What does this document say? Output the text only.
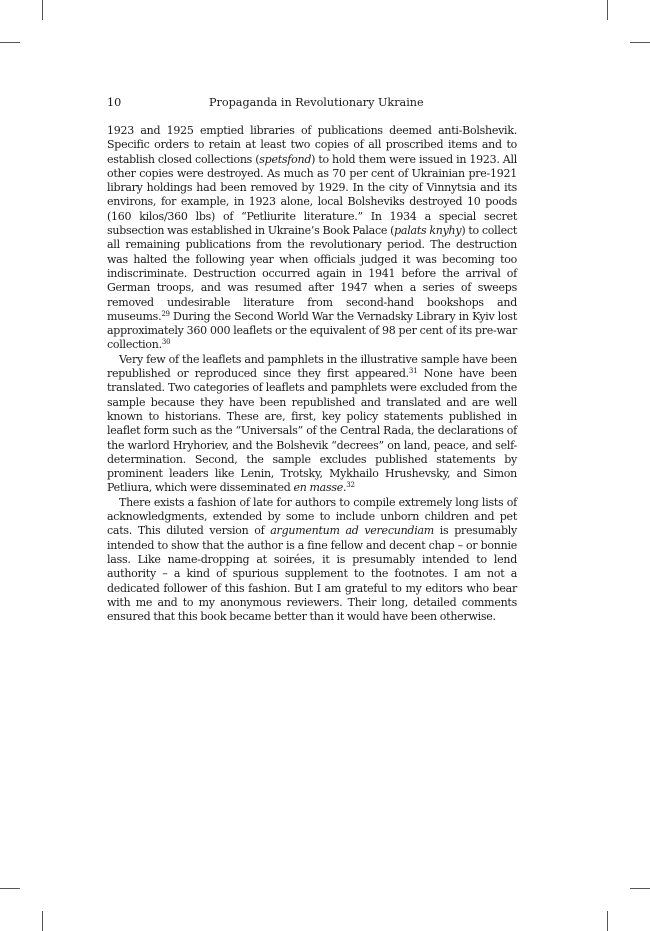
10	Propaganda in Revolutionary Ukraine

1923 and 1925 emptied libraries of publications deemed anti-Bolshevik. Specific orders to retain at least two copies of all proscribed items and to establish closed collections (spetsfond) to hold them were issued in 1923. All other copies were destroyed. As much as 70 per cent of Ukrainian pre-1921 library holdings had been removed by 1929. In the city of Vinnytsia and its environs, for example, in 1923 alone, local Bolsheviks destroyed 10 poods (160 kilos/360 lbs) of “Petliurite literature.” In 1934 a special secret subsection was established in Ukraine’s Book Palace (palats knyhy) to collect all remaining publications from the revolutionary period. The destruction was halted the following year when officials judged it was becoming too indiscriminate. Destruction occurred again in 1941 before the arrival of German troops, and was resumed after 1947 when a series of sweeps removed undesirable literature from second-hand bookshops and museums.$^{29}$ During the Second World War the Vernadsky Library in Kyiv lost approximately 360 000 leaflets or the equivalent of 98 per cent of its pre-war collection.$^{30}$

Very few of the leaflets and pamphlets in the illustrative sample have been republished or reproduced since they first appeared.$^{31}$ None have been translated. Two categories of leaflets and pamphlets were excluded from the sample because they have been republished and translated and are well known to historians. These are, first, key policy statements published in leaflet form such as the “Universals” of the Central Rada, the declarations of the warlord Hryhoriev, and the Bolshevik “decrees” on land, peace, and self-determination. Second, the sample excludes published statements by prominent leaders like Lenin, Trotsky, Mykhailo Hrushevsky, and Simon Petliura, which were disseminated en masse.$^{32}$

There exists a fashion of late for authors to compile extremely long lists of acknowledgments, extended by some to include unborn children and pet cats. This diluted version of argumentum ad verecundiam is presumably intended to show that the author is a fine fellow and decent chap – or bonnie lass. Like name-dropping at soirées, it is presumably intended to lend authority – a kind of spurious supplement to the footnotes. I am not a dedicated follower of this fashion. But I am grateful to my editors who bear with me and to my anonymous reviewers. Their long, detailed comments ensured that this book became better than it would have been otherwise.
